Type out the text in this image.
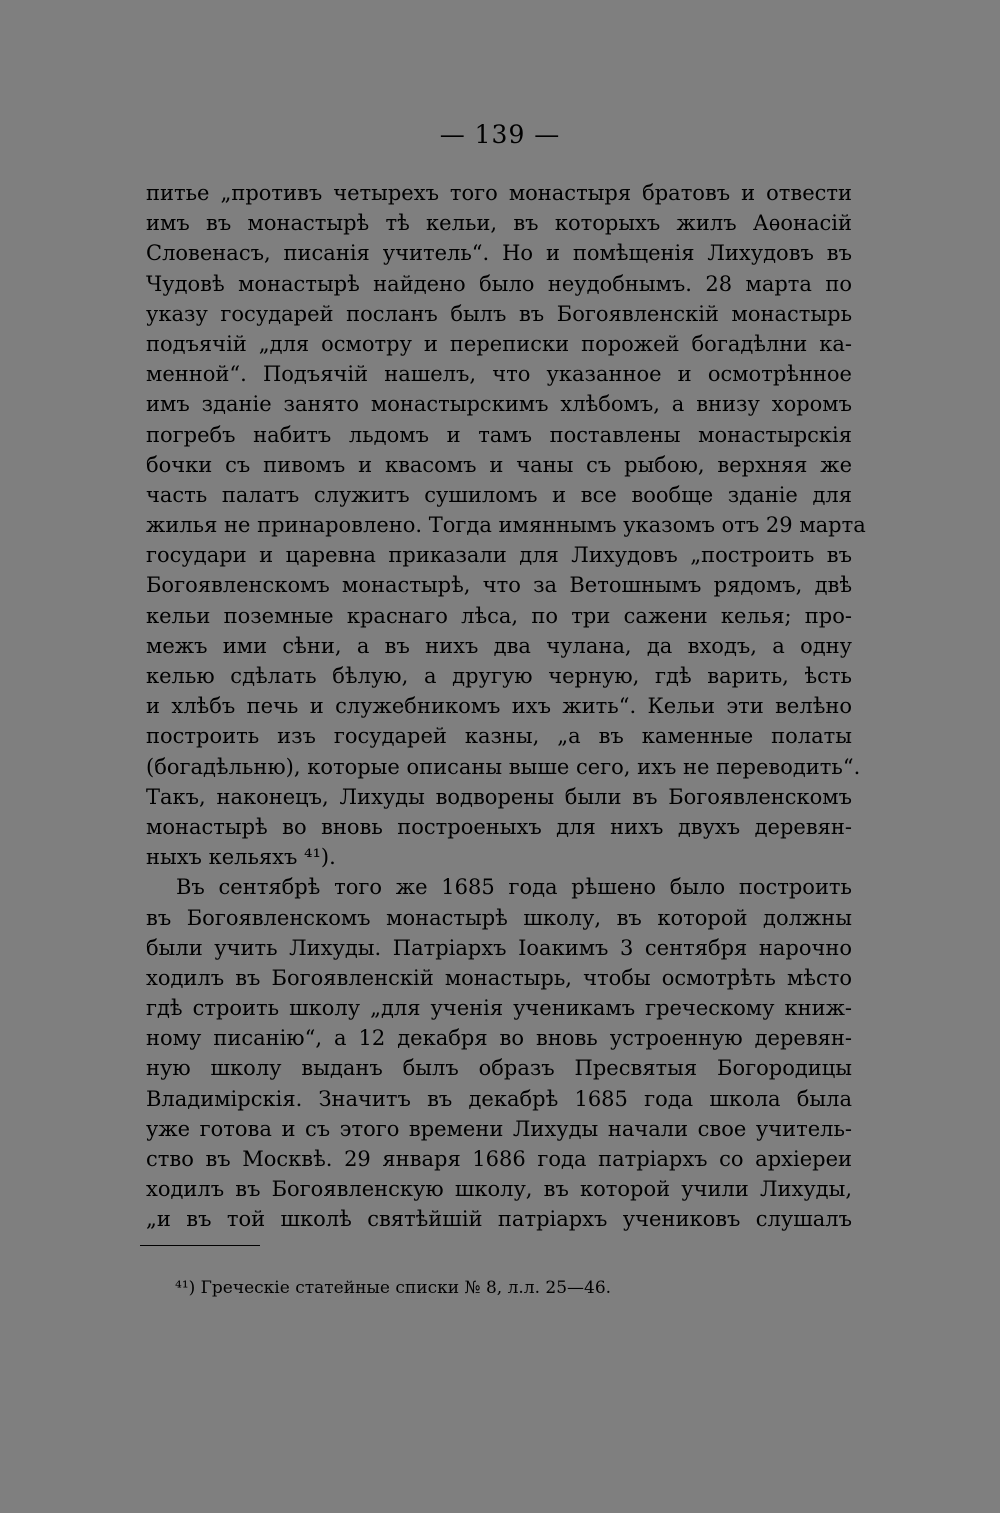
— 139 —
питье „противъ четырехъ того монастыря братовъ и отвести
имъ въ монастырѣ тѣ кельи, въ которыхъ жилъ Аѳонасій
Словенасъ, писанія учитель“. Но и помѣщенія Лихудовъ въ
Чудовѣ монастырѣ найдено было неудобнымъ. 28 марта по
указу государей посланъ былъ въ Богоявленскій монастырь
подъячій „для осмотру и переписки порожей богадѣлни ка-
менной“. Подъячій нашелъ, что указанное и осмотрѣнное
имъ зданіе занято монастырскимъ хлѣбомъ, а внизу хоромъ
погребъ набитъ льдомъ и тамъ поставлены монастырскія
бочки съ пивомъ и квасомъ и чаны съ рыбою, верхняя же
часть палатъ служитъ сушиломъ и все вообще зданіе для
жилья не принаровлено. Тогда имяннымъ указомъ отъ 29 марта
государи и царевна приказали для Лихудовъ „построить въ
Богоявленскомъ монастырѣ, что за Ветошнымъ рядомъ, двѣ
кельи поземные краснаго лѣса, по три сажени келья; про-
межъ ими сѣни, а въ нихъ два чулана, да входъ, а одну
келью сдѣлать бѣлую, а другую черную, гдѣ варить, ѣсть
и хлѣбъ печь и служебникомъ ихъ жить“. Кельи эти велѣно
построить изъ государей казны, „а въ каменные полаты
(богадѣльню), которые описаны выше сего, ихъ не переводить“.
Такъ, наконецъ, Лихуды водворены были въ Богоявленскомъ
монастырѣ во вновь построеныхъ для нихъ двухъ деревян-
ныхъ кельяхъ ⁴¹).
Въ сентябрѣ того же 1685 года рѣшено было построить
въ Богоявленскомъ монастырѣ школу, въ которой должны
были учить Лихуды. Патріархъ Іоакимъ 3 сентября нарочно
ходилъ въ Богоявленскій монастырь, чтобы осмотрѣть мѣсто
гдѣ строить школу „для ученія ученикамъ греческому книж-
ному писанію“, а 12 декабря во вновь устроенную деревян-
ную школу выданъ былъ образъ Пресвятыя Богородицы
Владимірскія. Значитъ въ декабрѣ 1685 года школа была
уже готова и съ этого времени Лихуды начали свое учитель-
ство въ Москвѣ. 29 января 1686 года патріархъ со архіереи
ходилъ въ Богоявленскую школу, въ которой учили Лихуды,
„и въ той школѣ святѣйшій патріархъ учениковъ слушалъ
⁴¹) Греческіе статейные списки № 8, л.л. 25—46.
